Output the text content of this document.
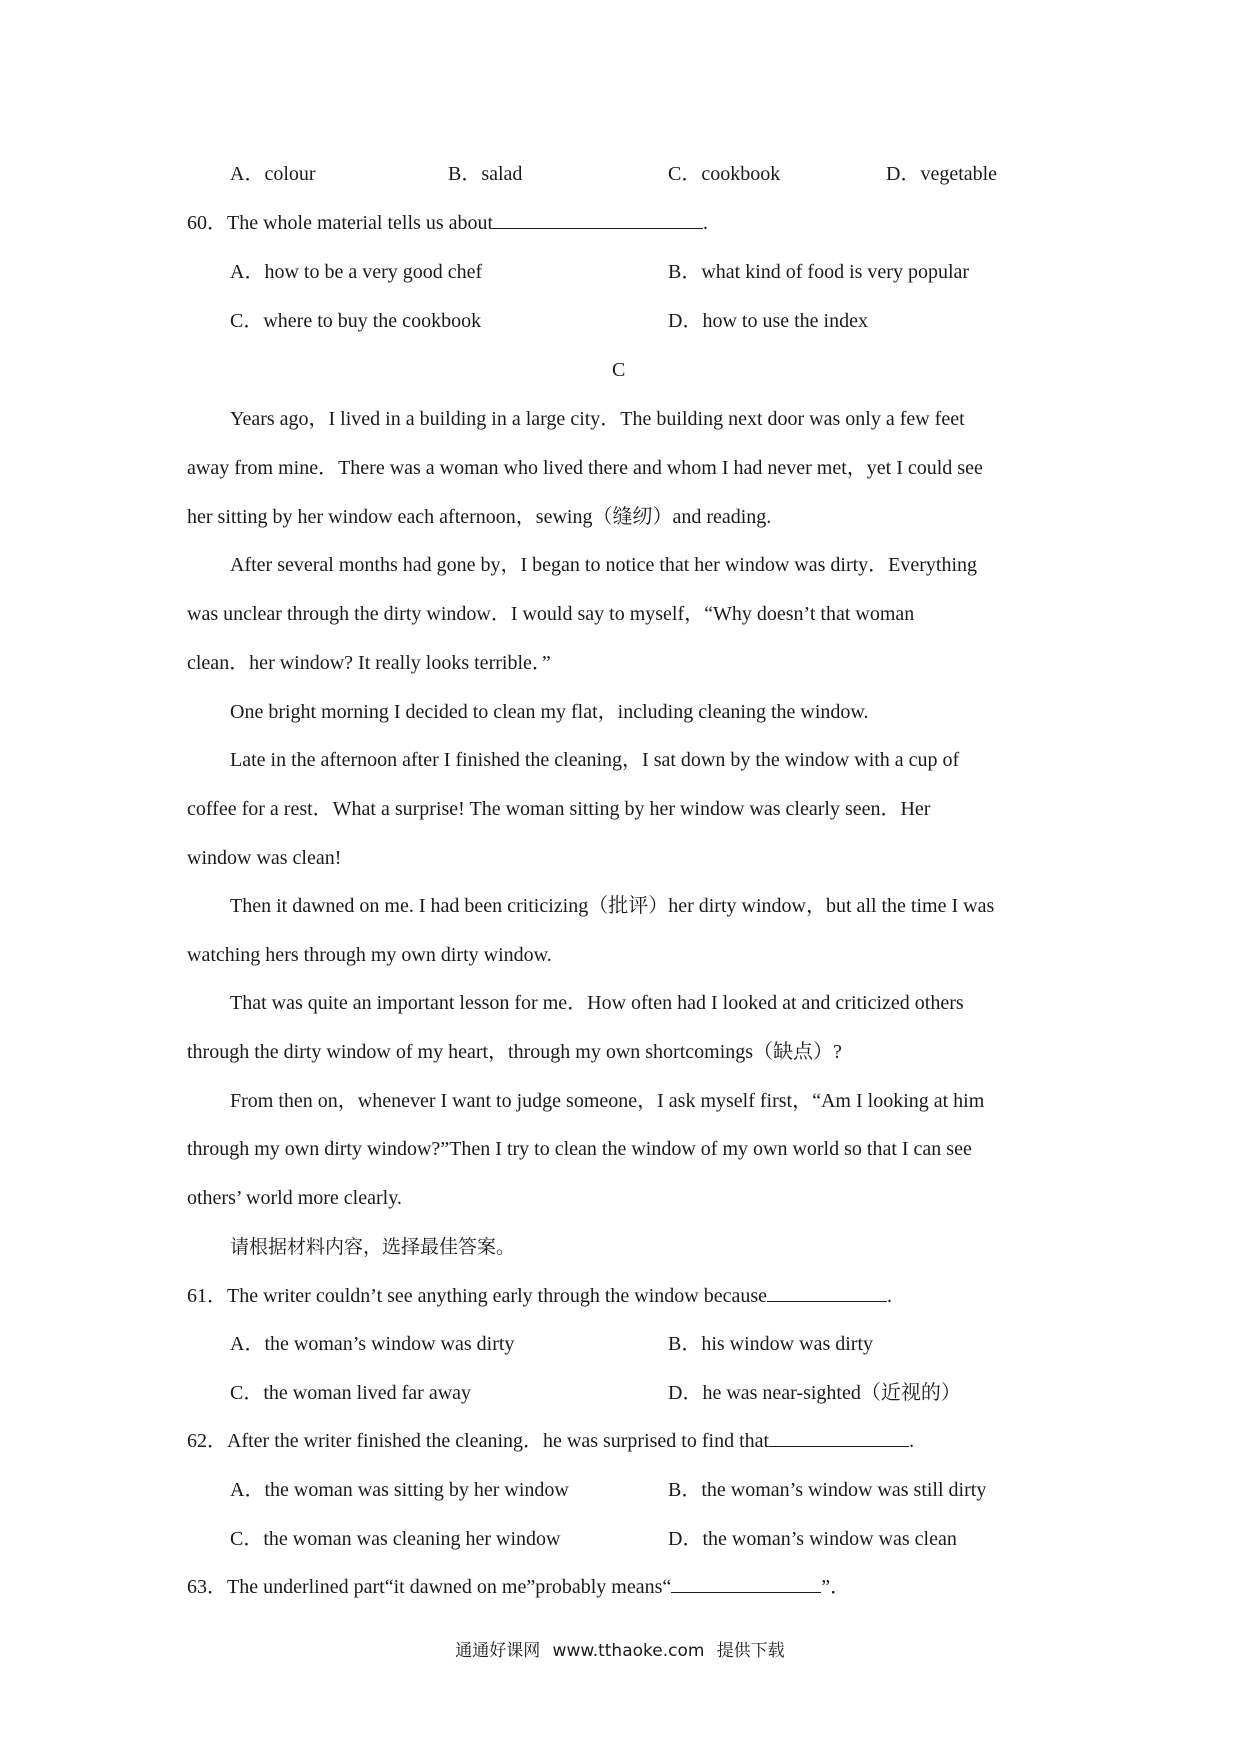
A．colour	B．salad	C．cookbook	D．vegetable
60．The whole material tells us about	.
A．how to be a very good chef	B．what kind of food is very popular
C．where to buy the cookbook	D．how to use the index
C
Years ago，I lived in a building in a large city．The building next door was only a few feet
away from mine．There was a woman who lived there and whom I had never met，yet I could see
her sitting by her window each afternoon，sewing（缝纫）and reading.
After several months had gone by，I began to notice that her window was dirty．Everything
was unclear through the dirty window．I would say to myself，“Why doesn’t that woman
clean．her window? It really looks terrible．”
One bright morning I decided to clean my flat，including cleaning the window.
Late in the afternoon after I finished the cleaning，I sat down by the window with a cup of
coffee for a rest．What a surprise! The woman sitting by her window was clearly seen．Her
window was clean!
Then it dawned on me. I had been criticizing（批评）her dirty window，but all the time I was
watching hers through my own dirty window.
That was quite an important lesson for me．How often had I looked at and criticized others
through the dirty window of my heart，through my own shortcomings（缺点）?
From then on，whenever I want to judge someone，I ask myself first，“Am I looking at him
through my own dirty window?”Then I try to clean the window of my own world so that I can see
others’ world more clearly.
请根据材料内容，选择最佳答案。
61．The writer couldn’t see anything early through the window because	.
A．the woman’s window was dirty	B．his window was dirty
C．the woman lived far away	D．he was near-sighted（近视的）
62．After the writer finished the cleaning．he was surprised to find that	.
A．the woman was sitting by her window	B．the woman’s window was still dirty
C．the woman was cleaning her window	D．the woman’s window was clean
63．The underlined part“it dawned on me”probably means“	”．
通通好课网 www.tthaoke.com 提供下载
